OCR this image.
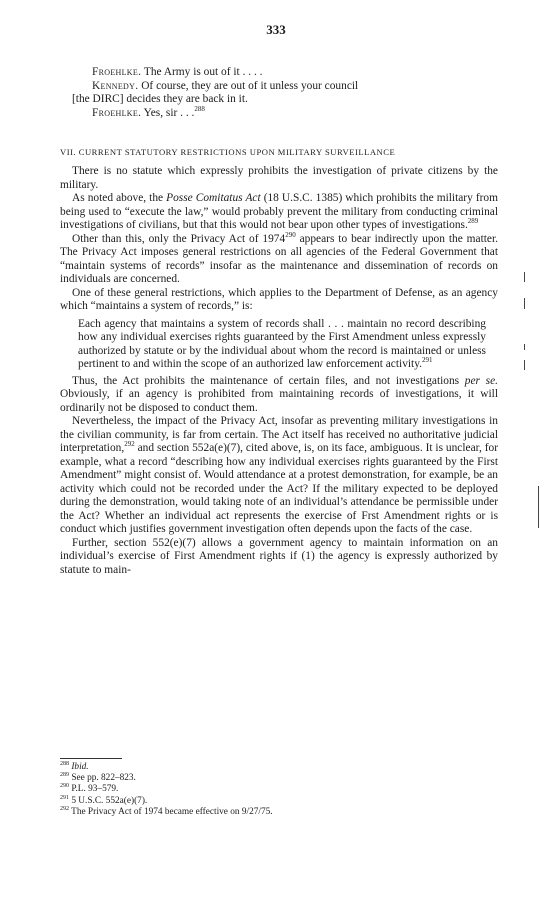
333

Froehlke. The Army is out of it . . . .

Kennedy. Of course, they are out of it unless your council

[the DIRC] decides they are back in it.

Froehlke. Yes, sir . . .$^{288}$

VII. CURRENT STATUTORY RESTRICTIONS UPON MILITARY SURVEILLANCE

There is no statute which expressly prohibits the investigation of private citizens by the military.

As noted above, the Posse Comitatus Act (18 U.S.C. 1385) which prohibits the military from being used to “execute the law,” would probably prevent the military from conducting criminal investigations of civilians, but that this would not bear upon other types of investigations.$^{289}$

Other than this, only the Privacy Act of 1974$^{290}$ appears to bear indirectly upon the matter. The Privacy Act imposes general restrictions on all agencies of the Federal Government that “maintain systems of records” insofar as the maintenance and dissemination of records on individuals are concerned.

One of these general restrictions, which applies to the Department of Defense, as an agency which “maintains a system of records,” is:

Each agency that maintains a system of records shall . . . maintain no record describing how any individual exercises rights guaranteed by the First Amendment unless expressly authorized by statute or by the individual about whom the record is maintained or unless pertinent to and within the scope of an authorized law enforcement activity.$^{291}$

Thus, the Act prohibits the maintenance of certain files, and not investigations per se. Obviously, if an agency is prohibited from maintaining records of investigations, it will ordinarily not be disposed to conduct them.

Nevertheless, the impact of the Privacy Act, insofar as preventing military investigations in the civilian community, is far from certain. The Act itself has received no authoritative judicial interpretation,$^{292}$ and section 552a(e)(7), cited above, is, on its face, ambiguous. It is unclear, for example, what a record “describing how any individual exercises rights guaranteed by the First Amendment” might consist of. Would attendance at a protest demonstration, for example, be an activity which could not be recorded under the Act? If the military expected to be deployed during the demonstration, would taking note of an individual’s attendance be permissible under the Act? Whether an individual act represents the exercise of Frst Amendment rights or is conduct which justifies government investigation often depends upon the facts of the case.

Further, section 552(e)(7) allows a government agency to maintain information on an individual’s exercise of First Amendment rights if (1) the agency is expressly authorized by statute to main-

$^{288}$ Ibid.
$^{289}$ See pp. 822–823.
$^{290}$ P.L. 93–579.
$^{291}$ 5 U.S.C. 552a(e)(7).
$^{292}$ The Privacy Act of 1974 became effective on 9/27/75.
